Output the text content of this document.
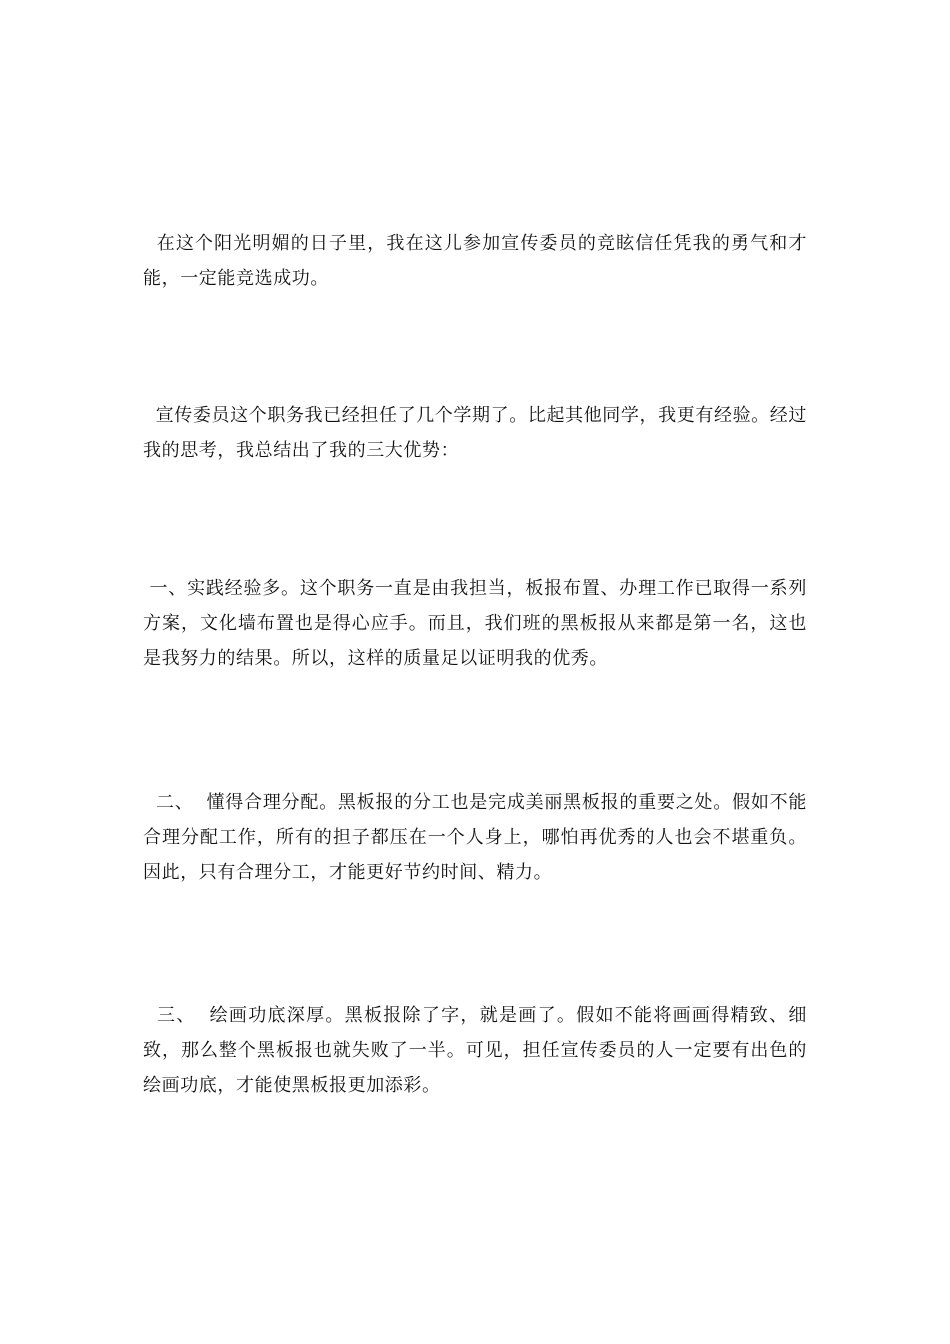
在这个阳光明媚的日子里，我在这儿参加宣传委员的竞眩信任凭我的勇气和才能，一定能竞选成功。

宣传委员这个职务我已经担任了几个学期了。比起其他同学，我更有经验。经过我的思考，我总结出了我的三大优势：

一、实践经验多。这个职务一直是由我担当，板报布置、办理工作已取得一系列方案，文化墙布置也是得心应手。而且，我们班的黑板报从来都是第一名，这也是我努力的结果。所以，这样的质量足以证明我的优秀。

二、  懂得合理分配。黑板报的分工也是完成美丽黑板报的重要之处。假如不能合理分配工作，所有的担子都压在一个人身上，哪怕再优秀的人也会不堪重负。因此，只有合理分工，才能更好节约时间、精力。

三、  绘画功底深厚。黑板报除了字，就是画了。假如不能将画画得精致、细致，那么整个黑板报也就失败了一半。可见，担任宣传委员的人一定要有出色的绘画功底，才能使黑板报更加添彩。
